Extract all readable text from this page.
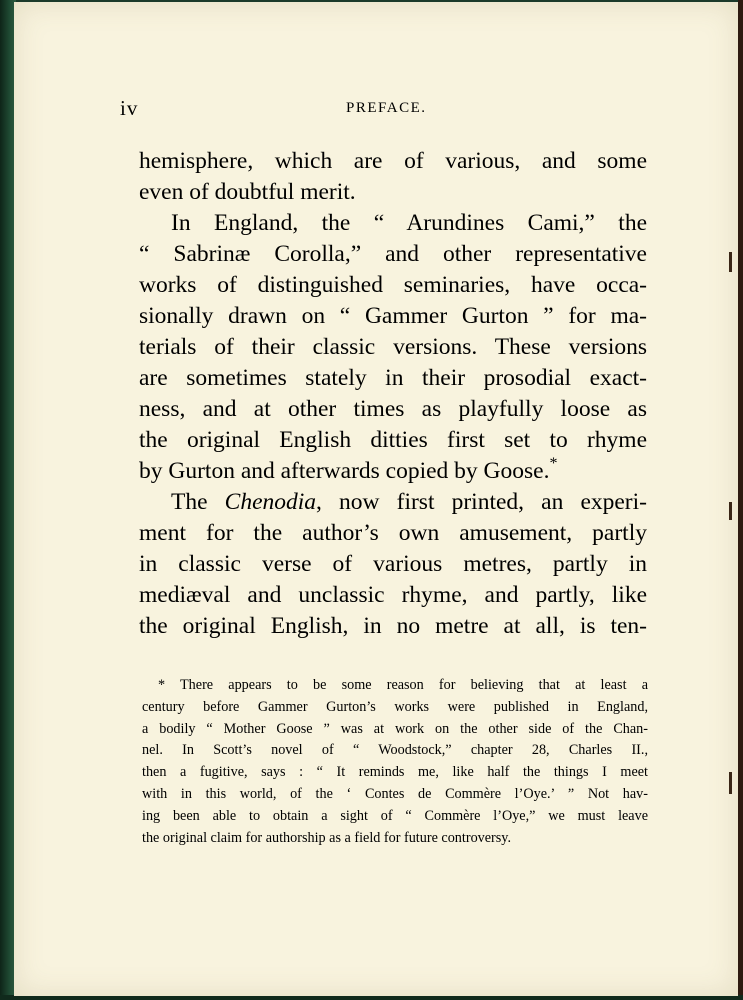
iv	PREFACE.
hemisphere, which are of various, and some
even of doubtful merit.
In England, the “ Arundines Cami,” the
“ Sabrinæ Corolla,” and other representative
works of distinguished seminaries, have occa-
sionally drawn on “ Gammer Gurton ” for ma-
terials of their classic versions. These versions
are sometimes stately in their prosodial exact-
ness, and at other times as playfully loose as
the original English ditties first set to rhyme
by Gurton and afterwards copied by Goose.*
The Chenodia, now first printed, an experi-
ment for the author’s own amusement, partly
in classic verse of various metres, partly in
mediæval and unclassic rhyme, and partly, like
the original English, in no metre at all, is ten-
* There appears to be some reason for believing that at least a
century before Gammer Gurton’s works were published in England,
a bodily “ Mother Goose ” was at work on the other side of the Chan-
nel. In Scott’s novel of “ Woodstock,” chapter 28, Charles II.,
then a fugitive, says : “ It reminds me, like half the things I meet
with in this world, of the ‘ Contes de Commère l’Oye.’ ” Not hav-
ing been able to obtain a sight of “ Commère l’Oye,” we must leave
the original claim for authorship as a field for future controversy.
